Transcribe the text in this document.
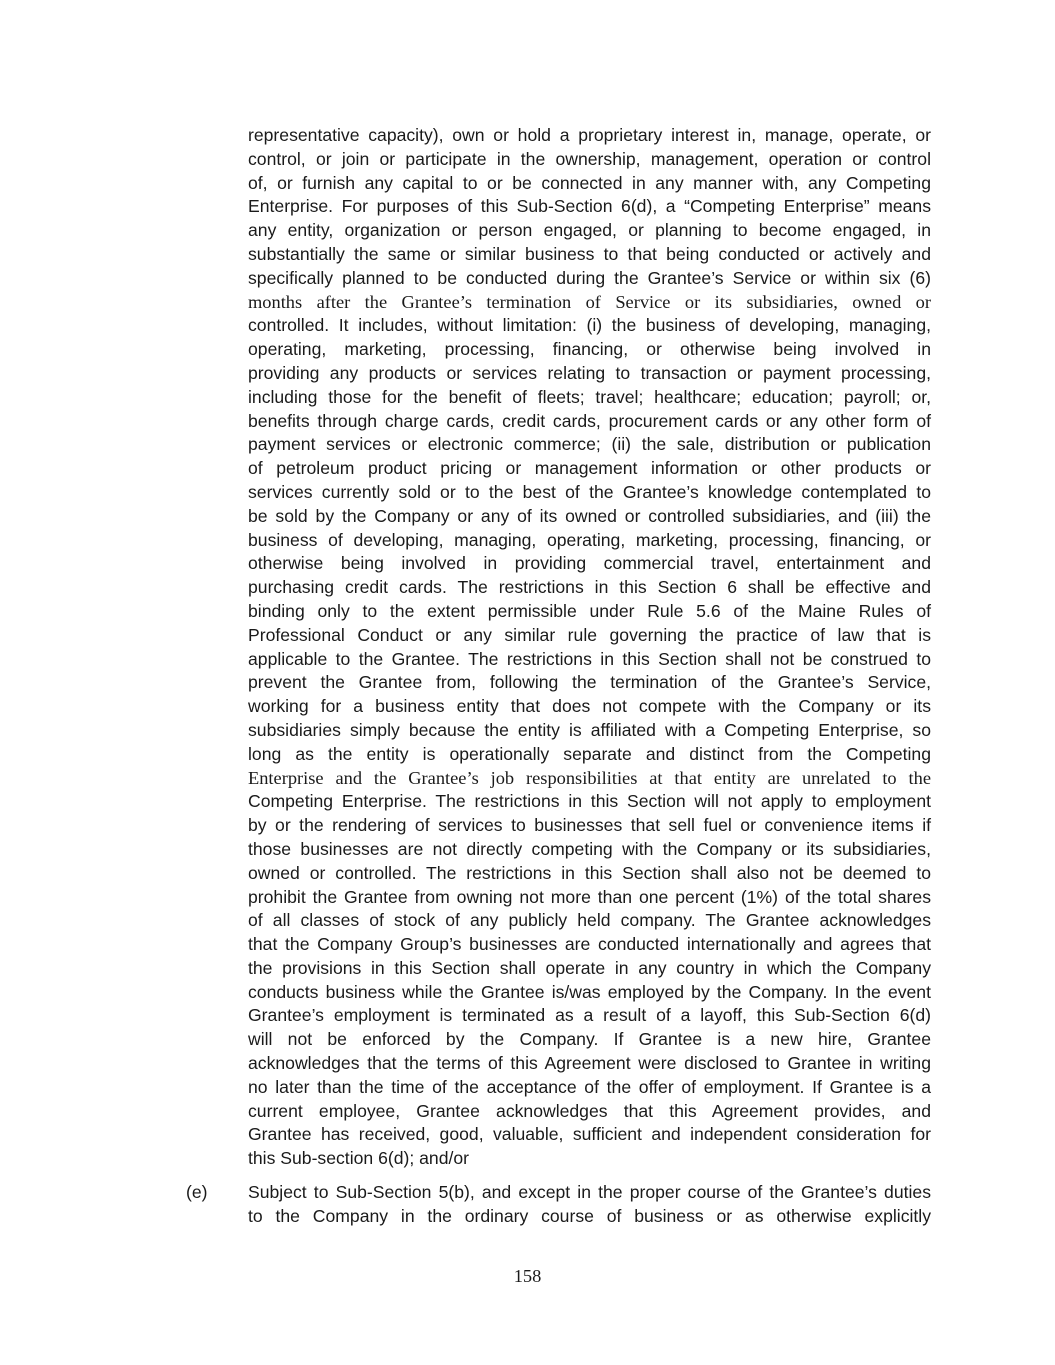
representative capacity), own or hold a proprietary interest in, manage, operate, or
control, or join or participate in the ownership, management, operation or control
of, or furnish any capital to or be connected in any manner with, any Competing
Enterprise. For purposes of this Sub-Section 6(d), a “Competing Enterprise” means
any entity, organization or person engaged, or planning to become engaged, in
substantially the same or similar business to that being conducted or actively and
specifically planned to be conducted during the Grantee’s Service or within six (6)
months after the Grantee’s termination of Service or its subsidiaries, owned or
controlled. It includes, without limitation: (i) the business of developing, managing,
operating, marketing, processing, financing, or otherwise being involved in
providing any products or services relating to transaction or payment processing,
including those for the benefit of fleets; travel; healthcare; education; payroll; or,
benefits through charge cards, credit cards, procurement cards or any other form of
payment services or electronic commerce; (ii) the sale, distribution or publication
of petroleum product pricing or management information or other products or
services currently sold or to the best of the Grantee’s knowledge contemplated to
be sold by the Company or any of its owned or controlled subsidiaries, and (iii) the
business of developing, managing, operating, marketing, processing, financing, or
otherwise being involved in providing commercial travel, entertainment and
purchasing credit cards. The restrictions in this Section 6 shall be effective and
binding only to the extent permissible under Rule 5.6 of the Maine Rules of
Professional Conduct or any similar rule governing the practice of law that is
applicable to the Grantee. The restrictions in this Section shall not be construed to
prevent the Grantee from, following the termination of the Grantee’s Service,
working for a business entity that does not compete with the Company or its
subsidiaries simply because the entity is affiliated with a Competing Enterprise, so
long as the entity is operationally separate and distinct from the Competing
Enterprise and the Grantee’s job responsibilities at that entity are unrelated to the
Competing Enterprise. The restrictions in this Section will not apply to employment
by or the rendering of services to businesses that sell fuel or convenience items if
those businesses are not directly competing with the Company or its subsidiaries,
owned or controlled. The restrictions in this Section shall also not be deemed to
prohibit the Grantee from owning not more than one percent (1%) of the total shares
of all classes of stock of any publicly held company. The Grantee acknowledges
that the Company Group’s businesses are conducted internationally and agrees that
the provisions in this Section shall operate in any country in which the Company
conducts business while the Grantee is/was employed by the Company. In the event
Grantee’s employment is terminated as a result of a layoff, this Sub-Section 6(d)
will not be enforced by the Company. If Grantee is a new hire, Grantee
acknowledges that the terms of this Agreement were disclosed to Grantee in writing
no later than the time of the acceptance of the offer of employment. If Grantee is a
current employee, Grantee acknowledges that this Agreement provides, and
Grantee has received, good, valuable, sufficient and independent consideration for
this Sub-section 6(d); and/or
(e) Subject to Sub-Section 5(b), and except in the proper course of the Grantee’s duties
to the Company in the ordinary course of business or as otherwise explicitly
158
